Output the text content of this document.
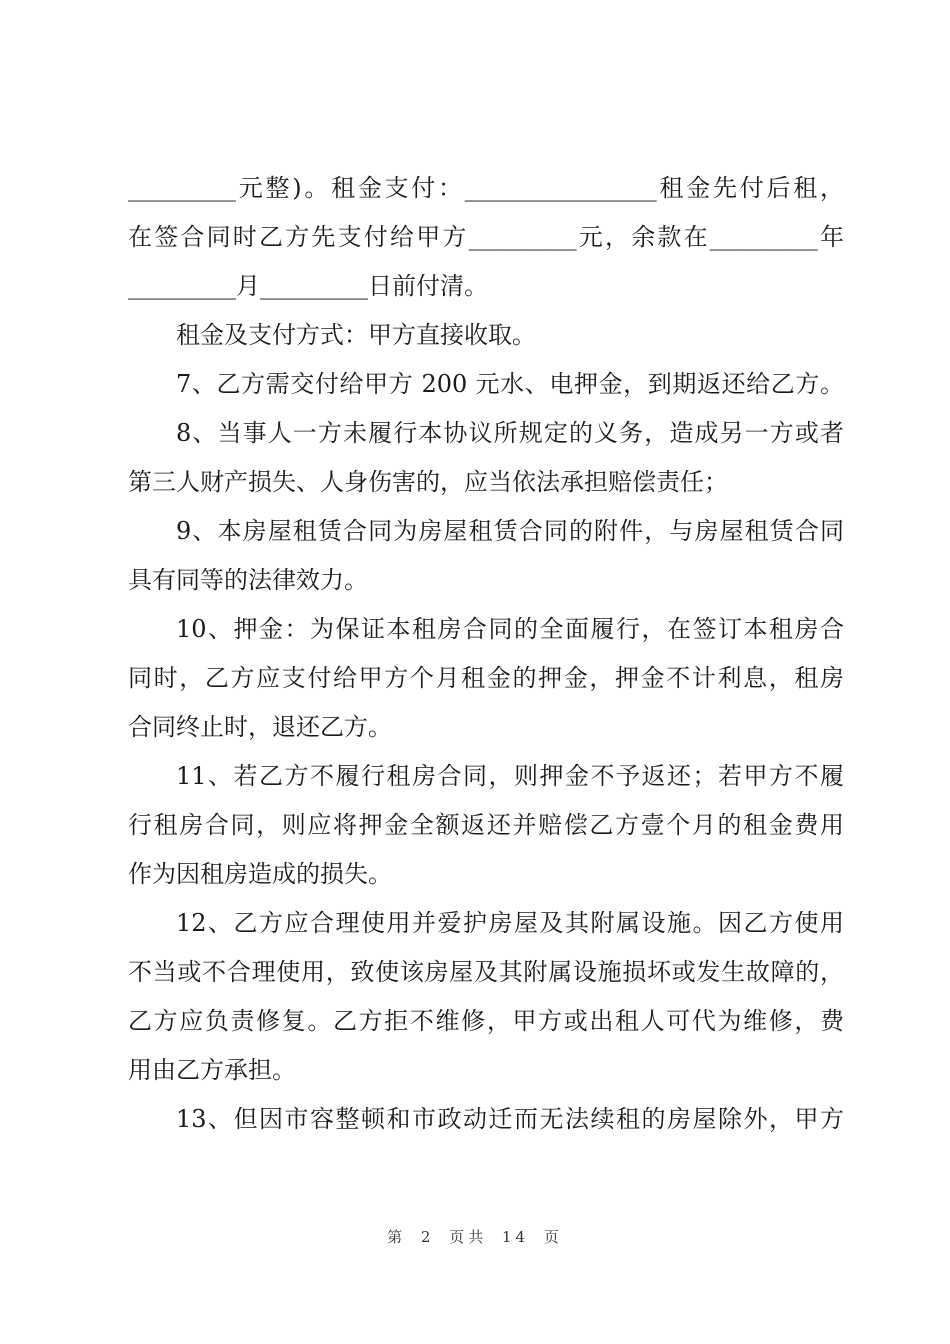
_________元整)。租金支付：________________租金先付后租，
在签合同时乙方先支付给甲方_________元，余款在_________年
_________月_________日前付清。
租金及支付方式：甲方直接收取。
7、乙方需交付给甲方 200 元水、电押金，到期返还给乙方。
8、当事人一方未履行本协议所规定的义务，造成另一方或者
第三人财产损失、人身伤害的，应当依法承担赔偿责任；
9、本房屋租赁合同为房屋租赁合同的附件，与房屋租赁合同
具有同等的法律效力。
10、押金：为保证本租房合同的全面履行，在签订本租房合
同时，乙方应支付给甲方个月租金的押金，押金不计利息，租房
合同终止时，退还乙方。
11、若乙方不履行租房合同，则押金不予返还；若甲方不履
行租房合同，则应将押金全额返还并赔偿乙方壹个月的租金费用
作为因租房造成的损失。
12、乙方应合理使用并爱护房屋及其附属设施。因乙方使用
不当或不合理使用，致使该房屋及其附属设施损坏或发生故障的，
乙方应负责修复。乙方拒不维修，甲方或出租人可代为维修，费
用由乙方承担。
13、但因市容整顿和市政动迁而无法续租的房屋除外，甲方
第 2 页共 14 页
